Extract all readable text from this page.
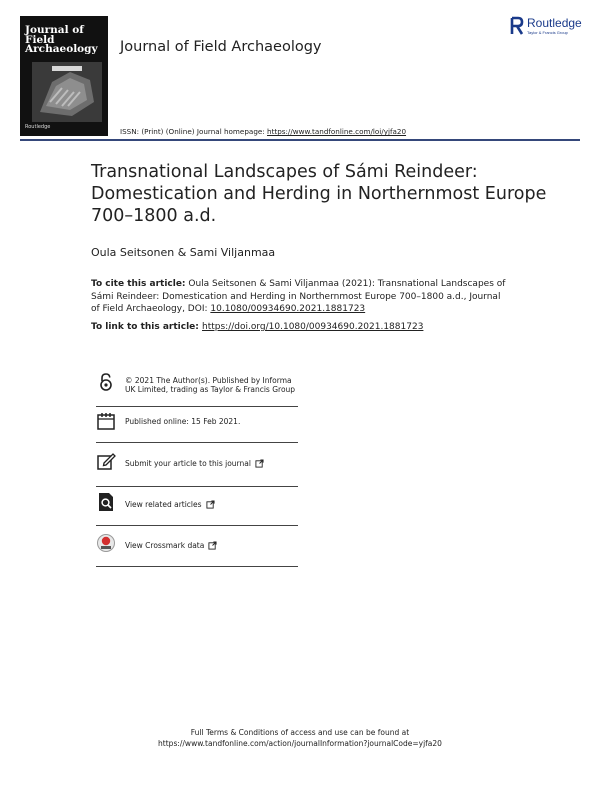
Journal of Field Archaeology
Routledge
Journal of Field Archaeology
ISSN: (Print) (Online) Journal homepage: https://www.tandfonline.com/loi/yjfa20
Routledge
Taylor & Francis Group
Transnational Landscapes of Sámi Reindeer: Domestication and Herding in Northernmost Europe 700–1800 a.d.
Oula Seitsonen & Sami Viljanmaa
To cite this article: Oula Seitsonen & Sami Viljanmaa (2021): Transnational Landscapes of Sámi Reindeer: Domestication and Herding in Northernmost Europe 700–1800 a.d., Journal of Field Archaeology, DOI: 10.1080/00934690.2021.1881723
To link to this article: https://doi.org/10.1080/00934690.2021.1881723
© 2021 The Author(s). Published by Informa UK Limited, trading as Taylor & Francis Group
Published online: 15 Feb 2021.
Submit your article to this journal
View related articles
View Crossmark data
Full Terms & Conditions of access and use can be found at
https://www.tandfonline.com/action/journalInformation?journalCode=yjfa20
